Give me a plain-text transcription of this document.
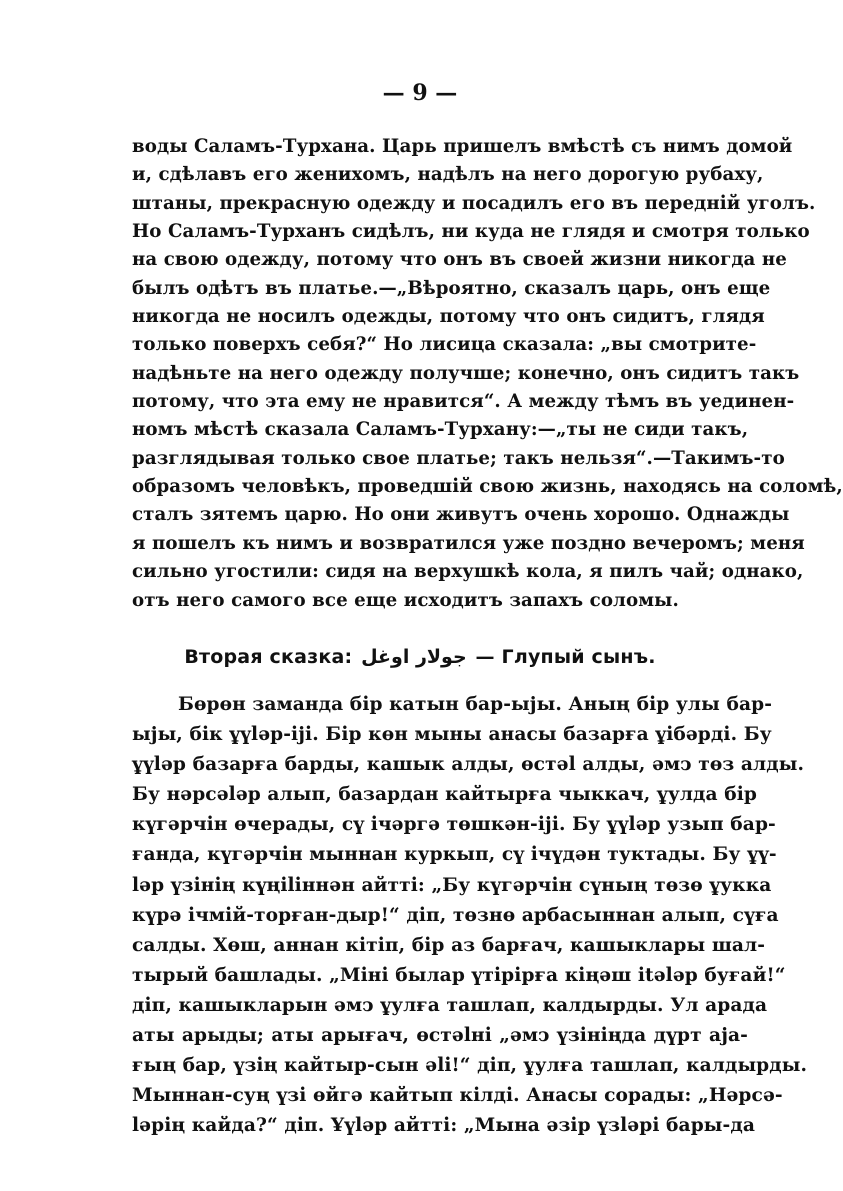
— 9 —
воды Саламъ-Турхана. Царь пришелъ вмѣстѣ съ нимъ домой
и, сдѣлавъ его женихомъ, надѣлъ на него дорогую рубаху,
штаны, прекрасную одежду и посадилъ его въ передній уголъ.
Но Саламъ-Турханъ сидѣлъ, ни куда не глядя и смотря только
на свою одежду, потому что онъ въ своей жизни никогда не
былъ одѣтъ въ платье.—„Вѣроятно, сказалъ царь, онъ еще
никогда не носилъ одежды, потому что онъ сидитъ, глядя
только поверхъ себя?“ Но лисица сказала: „вы смотрите-
надѣньте на него одежду получше; конечно, онъ сидитъ такъ
потому, что эта ему не нравится“. А между тѣмъ въ уединен-
номъ мѣстѣ сказала Саламъ-Турхану:—„ты не сиди такъ,
разглядывая только свое платье; такъ нельзя“.—Такимъ-то
образомъ человѣкъ, проведшій свою жизнь, находясь на соломѣ,
сталъ зятемъ царю. Но они живутъ очень хорошо. Однажды
я пошелъ къ нимъ и возвратился уже поздно вечеромъ; меня
сильно угостили: сидя на верхушкѣ кола, я пилъ чай; однако,
отъ него самого все еще исходитъ запахъ соломы.
Вторая сказка: جولار اوغل — Глупый сынъ.
Бөрөн заманда бір катын бар-ыјы. Аның бір улы бар-
ыјы, бік ұүlәр-іјі. Бір көн мыны анасы базарға ұібәрді. Бу
ұүlәр базарға барды, кашык алды, өстәl алды, әмↄ төз алды.
Бу нәрсәlәр алып, базардан кайтырға чыккач, ұулда бір
күгәрчін өчерады, сү ічәргә төшкән-іјі. Бу ұүlәр узып бар-
ғанда, күгәрчін мыннан куркып, сү ічүдән туктады. Бу ұү-
lәр үзінің күңіlіннән айтті: „Бу күгәрчін сүның төзө ұукка
күрә ічмій-торған-дыр!“ діп, төзнө арбасыннан алып, сүға
салды. Хөш, аннан кітіп, бір аз барғач, кашыклары шал-
тырый башлады. „Міні былар үтірірға кіңәш itәlәр буғай!“
діп, кашыкларын әмↄ ұулға ташлап, калдырды. Ул арада
аты арыды; аты арығач, өстәlні „әмↄ үзініңда дүрт аја-
ғың бар, үзің кайтыр-сын әlі!“ діп, ұулға ташлап, калдырды.
Мыннан-суң үзі өйгә кайтып кілді. Анасы сорады: „Нәрсә-
lәрің кайда?“ діп. Ұүlәр айтті: „Мына әзір үзlәрі бары-да
